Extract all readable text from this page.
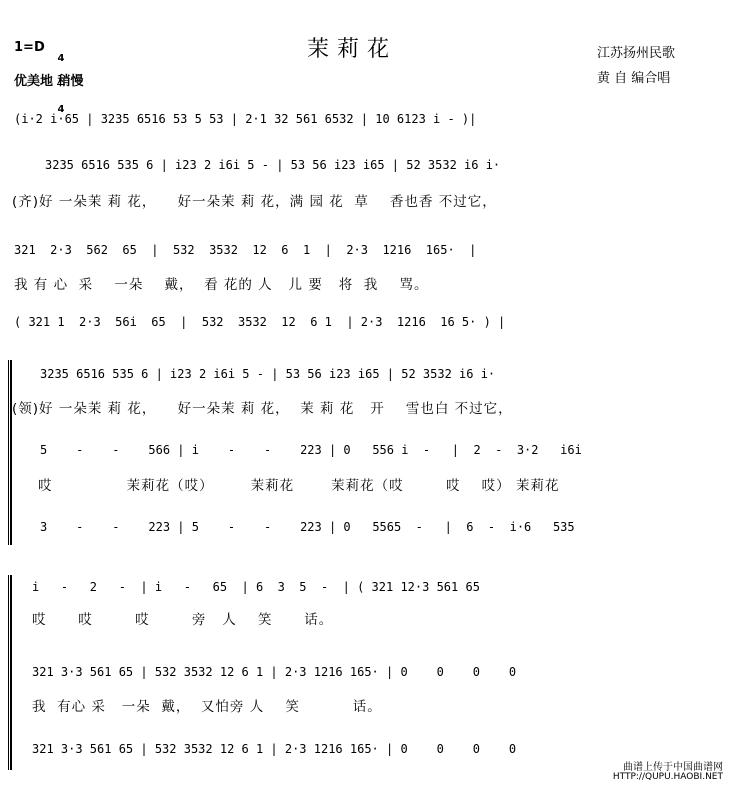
茉莉花
1=D

4

4

优美地 稍慢
江苏扬州民歌
黄 自 编合唱
(i·2 i·65 | 3235 6516 53 5 53 | 2·1 32 561 6532 | 10 6123 i - )|
3235 6516 535 6 | i23 2 i6i 5 - | 53 56 i23 i65 | 52 3532 i6 i·
(齐)好 一朵茉 莉 花，    好一朵茉 莉 花，满 园 花  草    香也香 不过它，
321  2·3  562  65  |  532  3532  12  6  1  |  2·3  1216  165·  |
我 有 心  采    一朵    戴，  看 花的 人   儿 要   将  我    骂。
( 321 1  2·3  56i  65  |  532  3532  12  6 1  | 2·3  1216  16 5· ) |
3235 6516 535 6 | i23 2 i6i 5 - | 53 56 i23 i65 | 52 3532 i6 i·
(领)好 一朵茉 莉 花，    好一朵茉 莉 花，  茉 莉 花   开    雪也白 不过它，
5    -    -    566 | i    -    -    223 | 0   556 i  -   |  2  -  3·2   i6i
哎              茉莉花（哎）       茉莉花       茉莉花（哎        哎    哎） 茉莉花
3    -    -    223 | 5    -    -    223 | 0   5565  -   |  6  -  i·6   535
i   -   2   -  | i   -   65  | 6  3  5  -  | ( 321 12·3 561 65
哎      哎        哎        旁   人    笑      话。
321 3·3 561 65 | 532 3532 12 6 1 | 2·3 1216 165· | 0    0    0    0
我  有心 采   一朵  戴，  又怕旁 人    笑          话。
321 3·3 561 65 | 532 3532 12 6 1 | 2·3 1216 165· | 0    0    0    0
曲谱上传于中国曲谱网
HTTP://QUPU.HAOBI.NET
